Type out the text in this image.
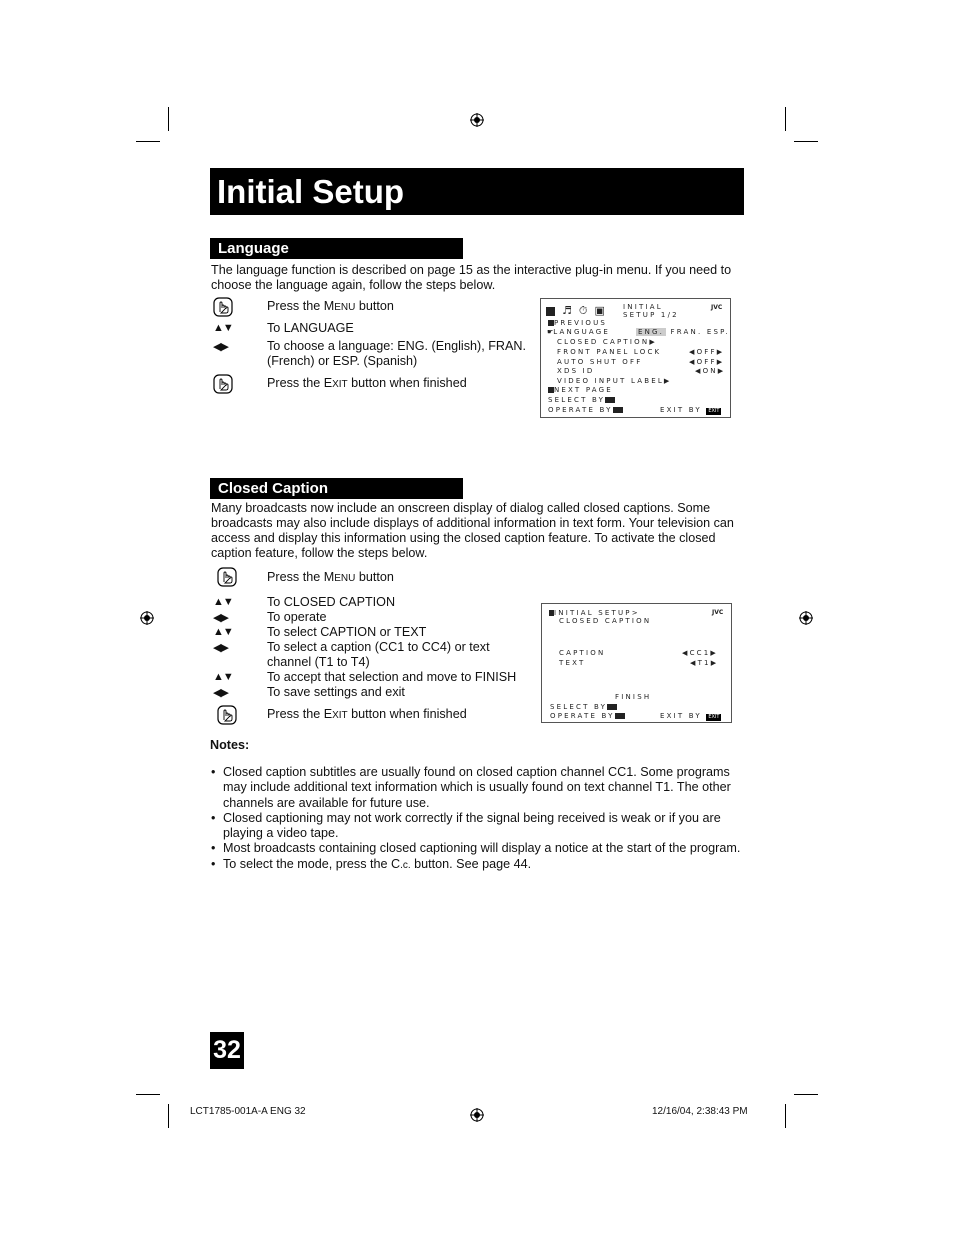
Initial Setup
Language
The language function is described on page 15 as the interactive plug-in menu. If you need to choose the language again, follow the steps below.
Press the MENU button
▲▼	To LANGUAGE
◀▶	To choose a language: ENG. (English), FRAN. (French) or ESP. (Spanish)
Press the EXIT button when finished
♬ ⏱ ▣	INITIAL
SETUP 1/2
JVC
PREVIOUS
☛LANGUAGE	ENG. FRAN. ESP.
CLOSED CAPTION▶
FRONT PANEL LOCK	◀OFF▶
AUTO SHUT OFF	◀OFF▶
XDS ID	◀ON▶
VIDEO INPUT LABEL▶
NEXT PAGE
SELECT BY
OPERATE BY	EXIT BY EXIT
Closed Caption
Many broadcasts now include an onscreen display of dialog called closed captions. Some broadcasts may also include displays of additional information in text form. Your television can access and display this information using the closed caption feature. To activate the closed caption feature, follow the steps below.
Press the MENU button
▲▼	To CLOSED CAPTION
◀▶	To operate
▲▼	To select CAPTION or TEXT
◀▶	To select a caption (CC1 to CC4) or text channel (T1 to T4)
▲▼	To accept that selection and move to FINISH
◀▶	To save settings and exit
Press the EXIT button when finished
INITIAL SETUP>
CLOSED CAPTION
JVC
CAPTION	◀CC1▶
TEXT	◀T1▶
FINISH
SELECT BY
OPERATE BY	EXIT BY EXIT
Notes:
• Closed caption subtitles are usually found on closed caption channel CC1. Some programs may include additional text information which is usually found on text channel T1. The other channels are available for future use.
• Closed captioning may not work correctly if the signal being received is weak or if you are playing a video tape.
• Most broadcasts containing closed captioning will display a notice at the start of the program.
• To select the mode, press the C.c. button. See page 44.
32
LCT1785-001A-A ENG 32	12/16/04, 2:38:43 PM
